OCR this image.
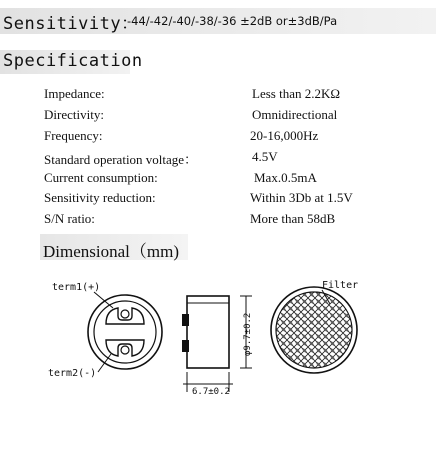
Sensitivity：
-44/-42/-40/-38/-36 ±2dB or±3dB/Pa
Specification
Impedance:	Less than 2.2KΩ
Directivity:	Omnidirectional
Frequency:	20-16,000Hz
Standard operation voltage：	4.5V
Current consumption:	Max.0.5mA
Sensitivity reduction:	Within 3Db at 1.5V
S/N ratio:	More than 58dB
Dimensional（mm)
term1(+)
term2(-)
φ9.7±0.2
6.7±0.2
Filter
